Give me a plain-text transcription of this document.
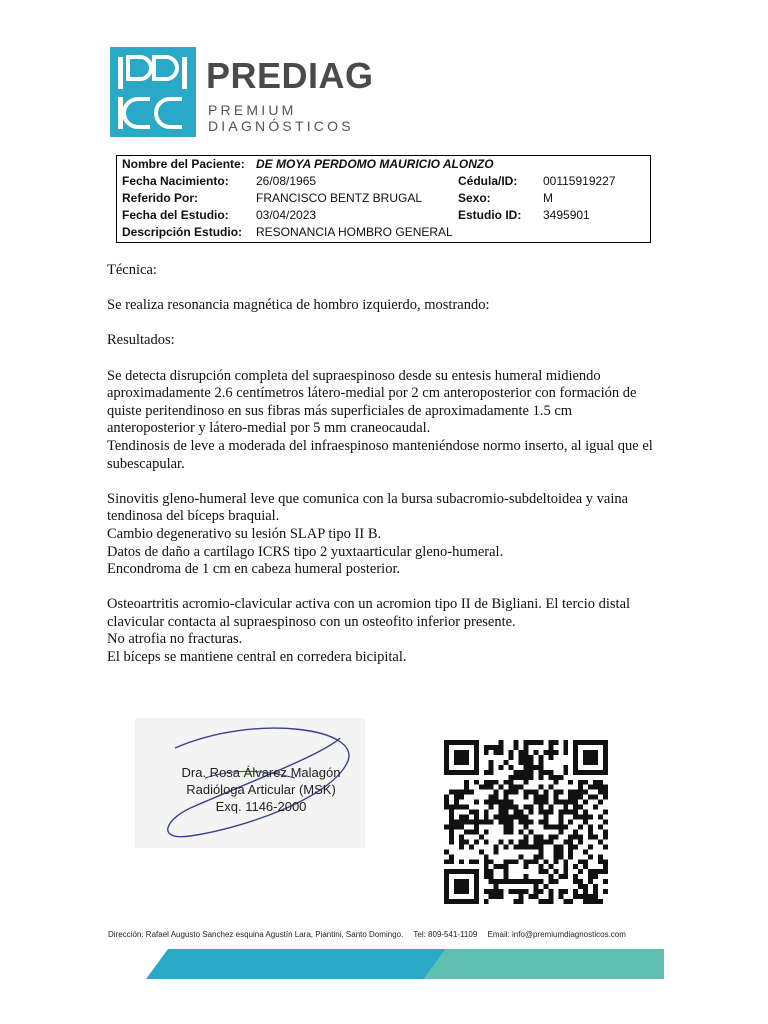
PREDIAG
PREMIUM DIAGNÓSTICOS
Nombre del Paciente: DE MOYA PERDOMO MAURICIO ALONZO
Fecha Nacimiento: 26/08/1965	Cédula/ID: 00115919227
Referido Por:	FRANCISCO BENTZ BRUGAL	Sexo:	M
Fecha del Estudio: 03/04/2023	Estudio ID: 3495901
Descripción Estudio: RESONANCIA HOMBRO GENERAL

Técnica:

Se realiza resonancia magnética de hombro izquierdo, mostrando:

Resultados:

Se detecta disrupción completa del supraespinoso desde su entesis humeral midiendo aproximadamente 2.6 centímetros látero-medial por 2 cm anteroposterior con formación de quiste peritendinoso en sus fibras más superficiales de aproximadamente 1.5 cm anteroposterior y látero-medial por 5 mm craneocaudal.

Tendinosis de leve a moderada del infraespinoso manteniéndose normo inserto, al igual que el subescapular.

Sinovitis gleno-humeral leve que comunica con la bursa subacromio-subdeltoidea y vaina tendinosa del bíceps braquial.

Cambio degenerativo su lesión SLAP tipo II B.

Datos de daño a cartílago ICRS tipo 2 yuxtaarticular gleno-humeral.

Encondroma de 1 cm en cabeza humeral posterior.

Osteoartritis acromio-clavicular activa con un acromion tipo II de Bigliani. El tercio distal clavicular contacta al supraespinoso con un osteofito inferior presente.

No atrofia no fracturas.

El bíceps se mantiene central en corredera bicipital.

Dra. Rosa Álvarez Malagón
Radióloga Articular (MSK)
Exq. 1146-2000
Dirección: Rafael Augusto Sanchez esquina Agustín Lara, Piantini, Santo Domingo. Tel: 809-541-1109 Email: info@premiumdiagnosticos.com
